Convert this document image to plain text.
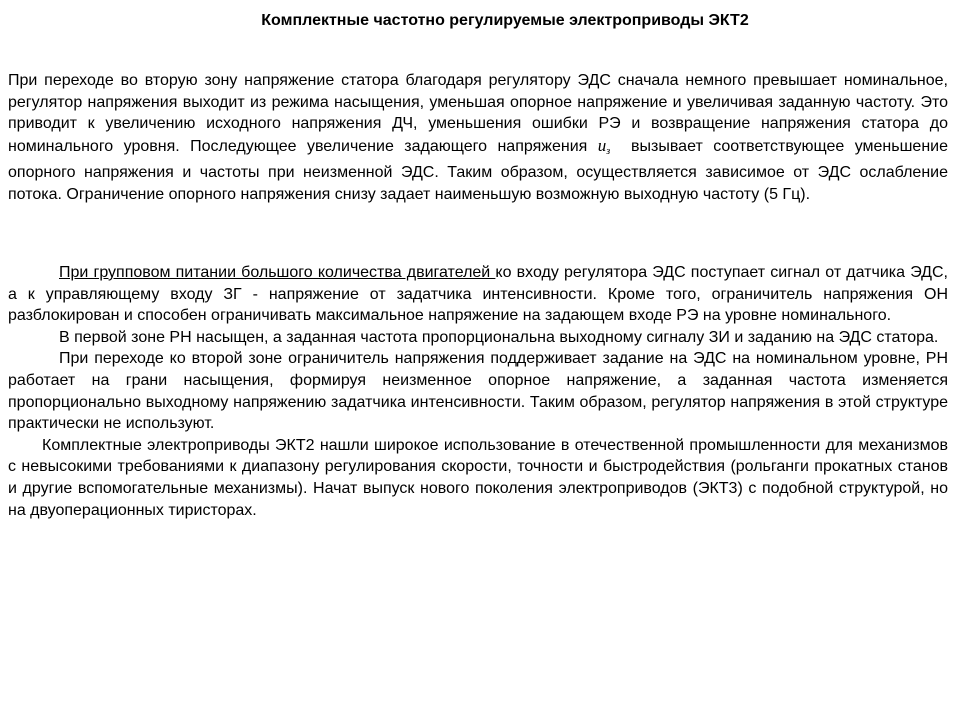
Комплектные частотно регулируемые электроприводы ЭКТ2

При переходе во вторую зону напряжение статора благодаря регулятору ЭДС сначала немного превышает номинальное, регулятор напряжения выходит из режима насыщения, уменьшая опорное напряжение и увеличивая заданную частоту. Это приводит к увеличению исходного напряжения ДЧ, уменьшения ошибки РЭ и возвращение напряжения статора до номинального уровня. Последующее увеличение задающего напряжения $u_з$  вызывает соответствующее уменьшение опорного напряжения и частоты при неизменной ЭДС. Таким образом, осуществляется зависимое от ЭДС ослабление потока. Ограничение опорного напряжения снизу задает наименьшую возможную выходную частоту (5 Гц).

При групповом питании большого количества двигателей ко входу регулятора ЭДС поступает сигнал от датчика ЭДС, а к управляющему входу ЗГ - напряжение от задатчика интенсивности. Кроме того, ограничитель напряжения ОН разблокирован и способен ограничивать максимальное напряжение на задающем входе РЭ на уровне номинального.

В первой зоне РН насыщен, а заданная частота пропорциональна выходному сигналу ЗИ и заданию на ЭДС статора.

При переходе ко второй зоне ограничитель напряжения поддерживает задание на ЭДС на номинальном уровне, РН работает на грани насыщения, формируя неизменное опорное напряжение, а заданная частота изменяется пропорционально выходному напряжению задатчика интенсивности. Таким образом, регулятор напряжения в этой структуре практически не используют.

Комплектные электроприводы ЭКТ2 нашли широкое использование в отечественной промышленности для механизмов с невысокими требованиями к диапазону регулирования скорости, точности и быстродействия (рольганги прокатных станов и другие вспомогательные механизмы). Начат выпуск нового поколения электроприводов (ЭКТ3) с подобной структурой, но на двуоперационных тиристорах.
